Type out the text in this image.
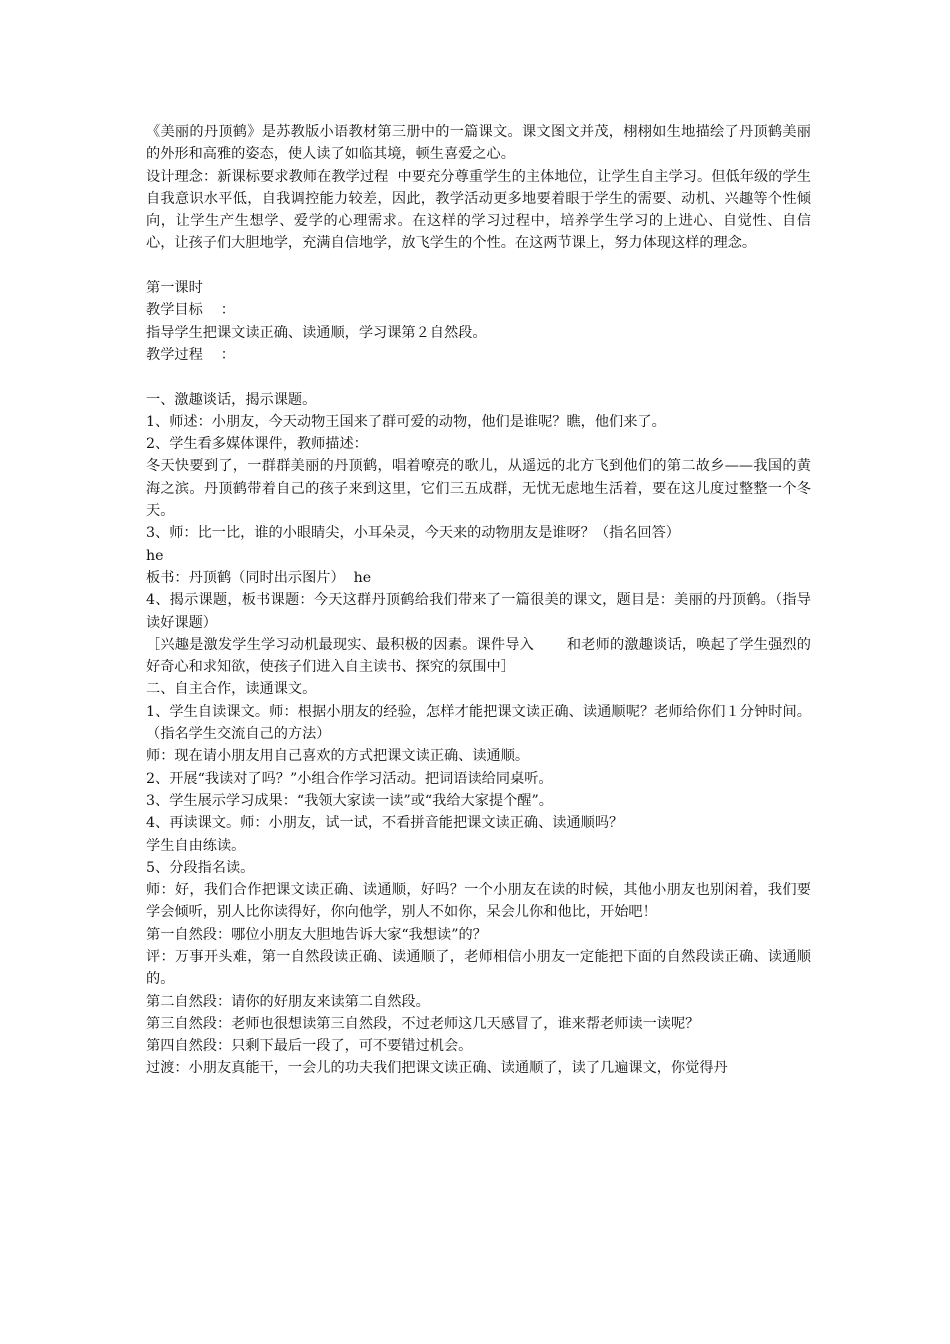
《美丽的丹顶鹤》是苏教版小语教材第三册中的一篇课文。课文图文并茂，栩栩如生地描绘了丹顶鹤美丽的外形和高雅的姿态，使人读了如临其境，顿生喜爱之心。

设计理念：新课标要求教师在教学过程  中要充分尊重学生的主体地位，让学生自主学习。但低年级的学生自我意识水平低，自我调控能力较差，因此，教学活动更多地要着眼于学生的需要、动机、兴趣等个性倾向，让学生产生想学、爱学的心理需求。在这样的学习过程中，培养学生学习的上进心、自觉性、自信心，让孩子们大胆地学，充满自信地学，放飞学生的个性。在这两节课上，努力体现这样的理念。

第一课时

教学目标    ：

指导学生把课文读正确、读通顺，学习课第２自然段。

教学过程    ：

一、激趣谈话，揭示课题。

1、师述：小朋友，今天动物王国来了群可爱的动物，他们是谁呢？瞧，他们来了。

2、学生看多媒体课件，教师描述：

冬天快要到了，一群群美丽的丹顶鹤，唱着嘹亮的歌儿，从遥远的北方飞到他们的第二故乡——我国的黄海之滨。丹顶鹤带着自己的孩子来到这里，它们三五成群，无忧无虑地生活着，要在这儿度过整整一个冬天。

3、师：比一比，谁的小眼睛尖，小耳朵灵，今天来的动物朋友是谁呀？（指名回答）

he

板书：丹顶鹤（同时出示图片）  he

4、揭示课题，板书课题：今天这群丹顶鹤给我们带来了一篇很美的课文，题目是：美丽的丹顶鹤。（指导读好课题）

［兴趣是激发学生学习动机最现实、最积极的因素。课件导入       和老师的激趣谈话，唤起了学生强烈的好奇心和求知欲，使孩子们进入自主读书、探究的氛围中］

二、自主合作，读通课文。

1、学生自读课文。师：根据小朋友的经验，怎样才能把课文读正确、读通顺呢？老师给你们１分钟时间。（指名学生交流自己的方法）

师：现在请小朋友用自己喜欢的方式把课文读正确、读通顺。

2、开展“我读对了吗？”小组合作学习活动。把词语读给同桌听。

3、学生展示学习成果：“我领大家读一读”或“我给大家提个醒”。

4、再读课文。师：小朋友，试一试，不看拼音能把课文读正确、读通顺吗？

学生自由练读。

5、分段指名读。

师：好，我们合作把课文读正确、读通顺，好吗？一个小朋友在读的时候，其他小朋友也别闲着，我们要学会倾听，别人比你读得好，你向他学，别人不如你，呆会儿你和他比，开始吧！

第一自然段：哪位小朋友大胆地告诉大家“我想读”的？

评：万事开头难，第一自然段读正确、读通顺了，老师相信小朋友一定能把下面的自然段读正确、读通顺的。

第二自然段：请你的好朋友来读第二自然段。

第三自然段：老师也很想读第三自然段，不过老师这几天感冒了，谁来帮老师读一读呢？

第四自然段：只剩下最后一段了，可不要错过机会。

过渡：小朋友真能干，一会儿的功夫我们把课文读正确、读通顺了，读了几遍课文，你觉得丹
